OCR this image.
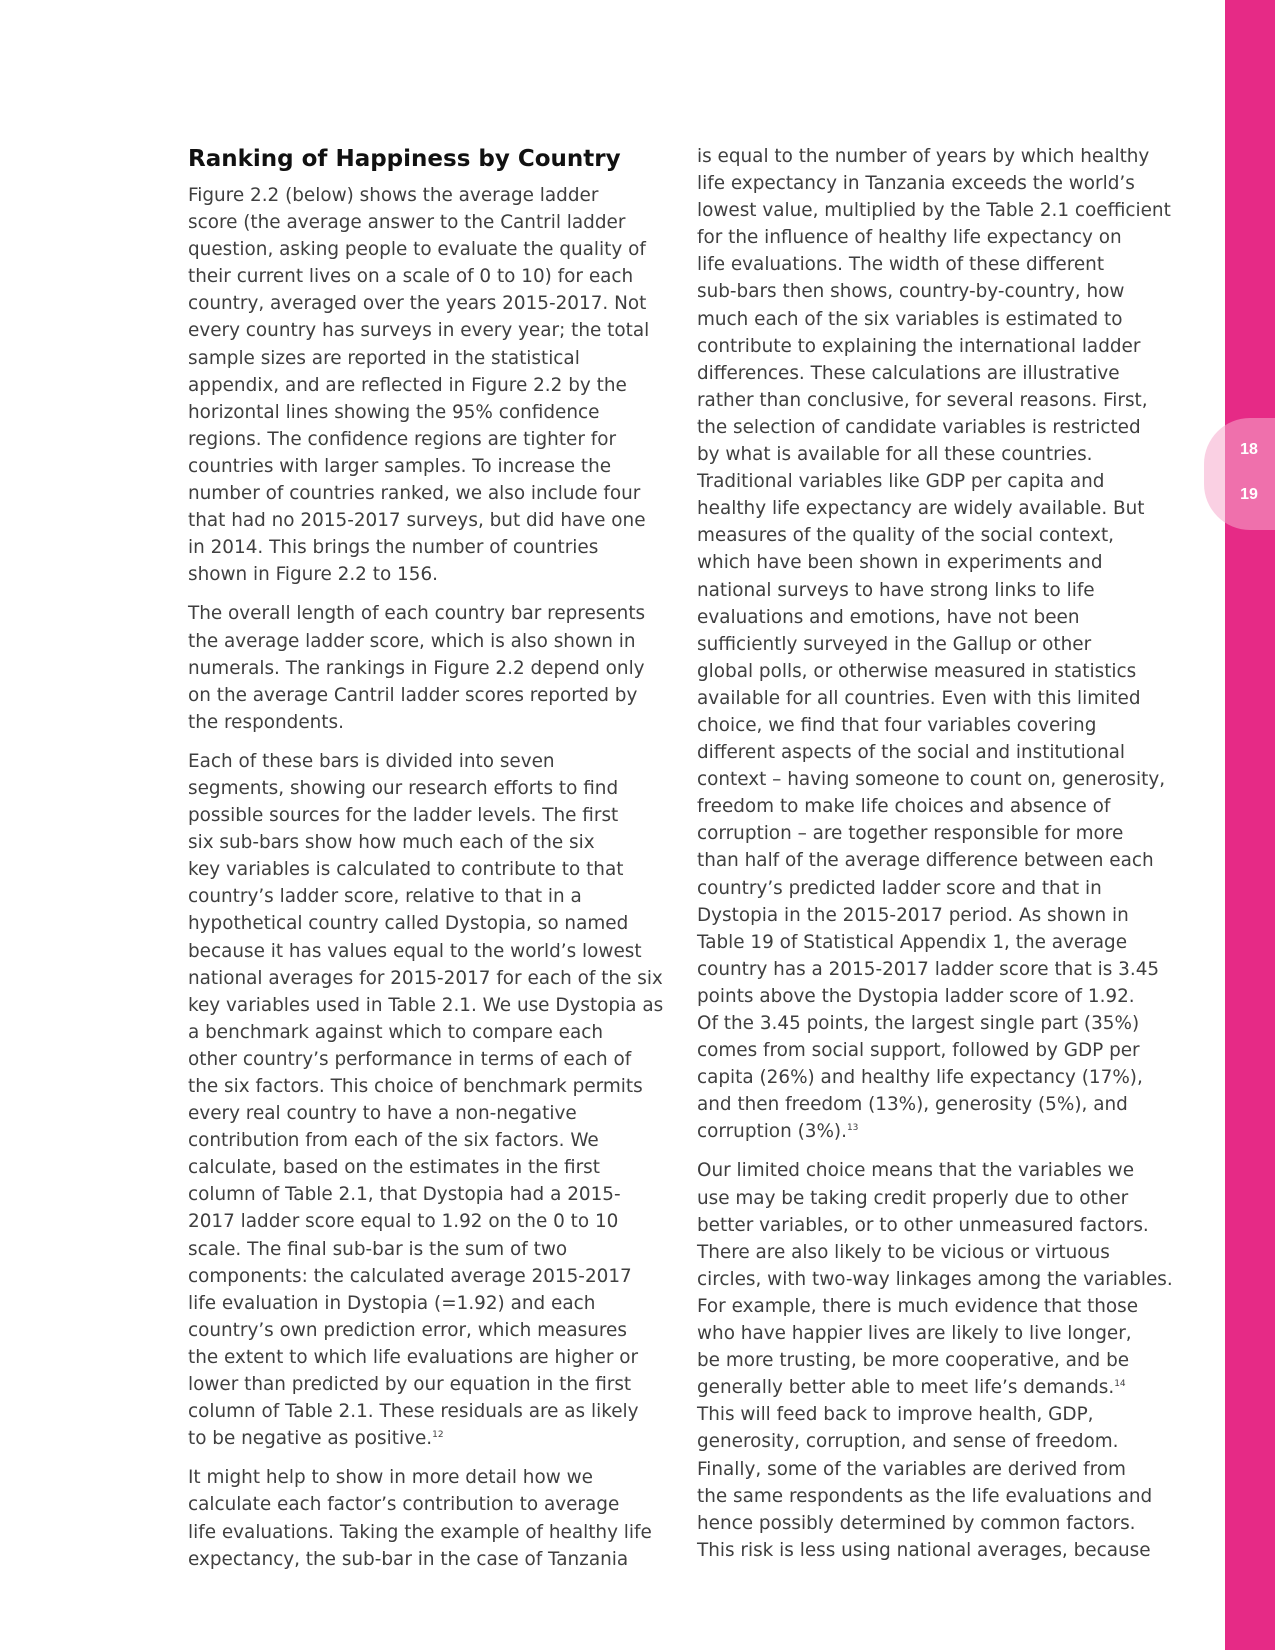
18
19
Ranking of Happiness by Country

Figure 2.2 (below) shows the average ladder
score (the average answer to the Cantril ladder
question, asking people to evaluate the quality of
their current lives on a scale of 0 to 10) for each
country, averaged over the years 2015-2017. Not
every country has surveys in every year; the total
sample sizes are reported in the statistical
appendix, and are reflected in Figure 2.2 by the
horizontal lines showing the 95% confidence
regions. The confidence regions are tighter for
countries with larger samples. To increase the
number of countries ranked, we also include four
that had no 2015-2017 surveys, but did have one
in 2014. This brings the number of countries
shown in Figure 2.2 to 156.

The overall length of each country bar represents
the average ladder score, which is also shown in
numerals. The rankings in Figure 2.2 depend only
on the average Cantril ladder scores reported by
the respondents.

Each of these bars is divided into seven
segments, showing our research efforts to find
possible sources for the ladder levels. The first
six sub-bars show how much each of the six
key variables is calculated to contribute to that
country’s ladder score, relative to that in a
hypothetical country called Dystopia, so named
because it has values equal to the world’s lowest
national averages for 2015-2017 for each of the six
key variables used in Table 2.1. We use Dystopia as
a benchmark against which to compare each
other country’s performance in terms of each of
the six factors. This choice of benchmark permits
every real country to have a non-negative
contribution from each of the six factors. We
calculate, based on the estimates in the first
column of Table 2.1, that Dystopia had a 2015-
2017 ladder score equal to 1.92 on the 0 to 10
scale. The final sub-bar is the sum of two
components: the calculated average 2015-2017
life evaluation in Dystopia (=1.92) and each
country’s own prediction error, which measures
the extent to which life evaluations are higher or
lower than predicted by our equation in the first
column of Table 2.1. These residuals are as likely
to be negative as positive.$^{12}$

It might help to show in more detail how we
calculate each factor’s contribution to average
life evaluations. Taking the example of healthy life
expectancy, the sub-bar in the case of Tanzania

is equal to the number of years by which healthy
life expectancy in Tanzania exceeds the world’s
lowest value, multiplied by the Table 2.1 coefficient
for the influence of healthy life expectancy on
life evaluations. The width of these different
sub-bars then shows, country-by-country, how
much each of the six variables is estimated to
contribute to explaining the international ladder
differences. These calculations are illustrative
rather than conclusive, for several reasons. First,
the selection of candidate variables is restricted
by what is available for all these countries.
Traditional variables like GDP per capita and
healthy life expectancy are widely available. But
measures of the quality of the social context,
which have been shown in experiments and
national surveys to have strong links to life
evaluations and emotions, have not been
sufficiently surveyed in the Gallup or other
global polls, or otherwise measured in statistics
available for all countries. Even with this limited
choice, we find that four variables covering
different aspects of the social and institutional
context – having someone to count on, generosity,
freedom to make life choices and absence of
corruption – are together responsible for more
than half of the average difference between each
country’s predicted ladder score and that in
Dystopia in the 2015-2017 period. As shown in
Table 19 of Statistical Appendix 1, the average
country has a 2015-2017 ladder score that is 3.45
points above the Dystopia ladder score of 1.92.
Of the 3.45 points, the largest single part (35%)
comes from social support, followed by GDP per
capita (26%) and healthy life expectancy (17%),
and then freedom (13%), generosity (5%), and
corruption (3%).$^{13}$

Our limited choice means that the variables we
use may be taking credit properly due to other
better variables, or to other unmeasured factors.
There are also likely to be vicious or virtuous
circles, with two-way linkages among the variables.
For example, there is much evidence that those
who have happier lives are likely to live longer,
be more trusting, be more cooperative, and be
generally better able to meet life’s demands.$^{14}$
This will feed back to improve health, GDP,
generosity, corruption, and sense of freedom.
Finally, some of the variables are derived from
the same respondents as the life evaluations and
hence possibly determined by common factors.
This risk is less using national averages, because
